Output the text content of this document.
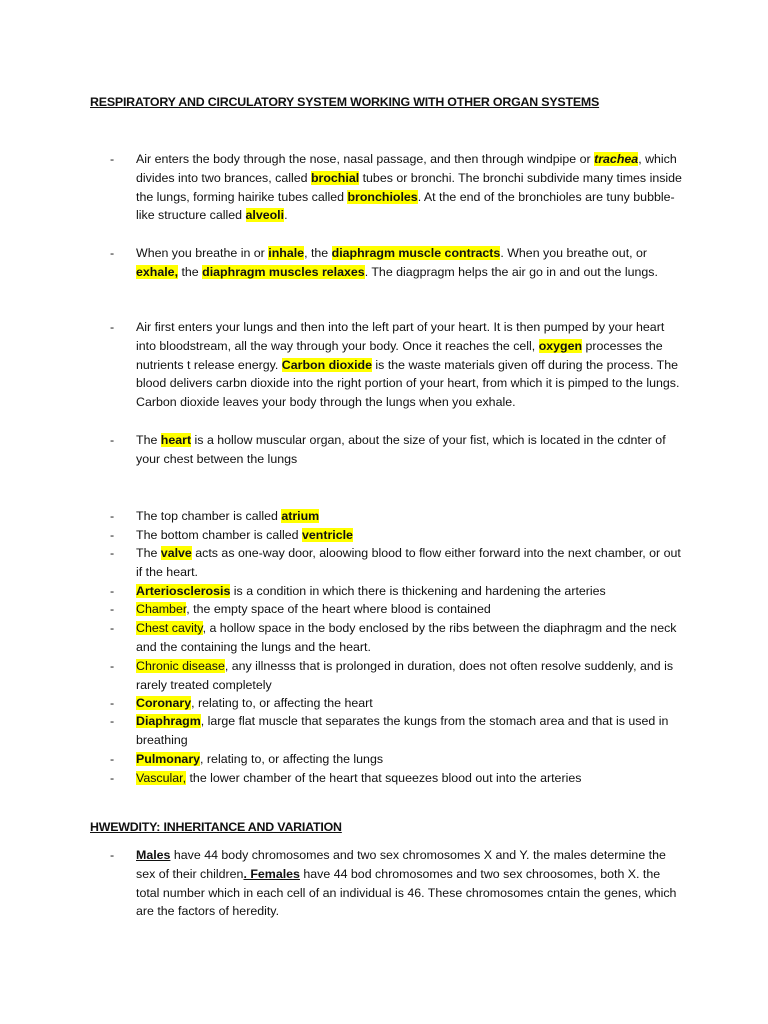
RESPIRATORY AND CIRCULATORY SYSTEM WORKING WITH OTHER ORGAN SYSTEMS
- Air enters the body through the nose, nasal passage, and then through windpipe or trachea, which divides into two brances, called brochial tubes or bronchi. The bronchi subdivide many times inside the lungs, forming hairike tubes called bronchioles. At the end of the bronchioles are tuny bubble-like structure called alveoli.
- When you breathe in or inhale, the diaphragm muscle contracts. When you breathe out, or exhale, the diaphragm muscles relaxes. The diagpragm helps the air go in and out the lungs.
- Air first enters your lungs and then into the left part of your heart. It is then pumped by your heart into bloodstream, all the way through your body. Once it reaches the cell, oxygen processes the nutrients t release energy. Carbon dioxide is the waste materials given off during the process. The blood delivers carbn dioxide into the right portion of your heart, from which it is pimped to the lungs. Carbon dioxide leaves your body through the lungs when you exhale.
- The heart is a hollow muscular organ, about the size of your fist, which is located in the cdnter of your chest between the lungs
- The top chamber is called atrium
- The bottom chamber is called ventricle
- The valve acts as one-way door, aloowing blood to flow either forward into the next chamber, or out if the heart.
- Arteriosclerosis is a condition in which there is thickening and hardening the arteries
- Chamber, the empty space of the heart where blood is contained
- Chest cavity, a hollow space in the body enclosed by the ribs between the diaphragm and the neck and the containing the lungs and the heart.
- Chronic disease, any illnesss that is prolonged in duration, does not often resolve suddenly, and is rarely treated completely
- Coronary, relating to, or affecting the heart
- Diaphragm, large flat muscle that separates the kungs from the stomach area and that is used in breathing
- Pulmonary, relating to, or affecting the lungs
- Vascular, the lower chamber of the heart that squeezes blood out into the arteries
HWEWDITY: INHERITANCE AND VARIATION
- Males have 44 body chromosomes and two sex chromosomes X and Y. the males determine the sex of their children. Females have 44 bod chromosomes and two sex chroosomes, both X. the total number which in each cell of an individual is 46. These chromosomes cntain the genes, which are the factors of heredity.
